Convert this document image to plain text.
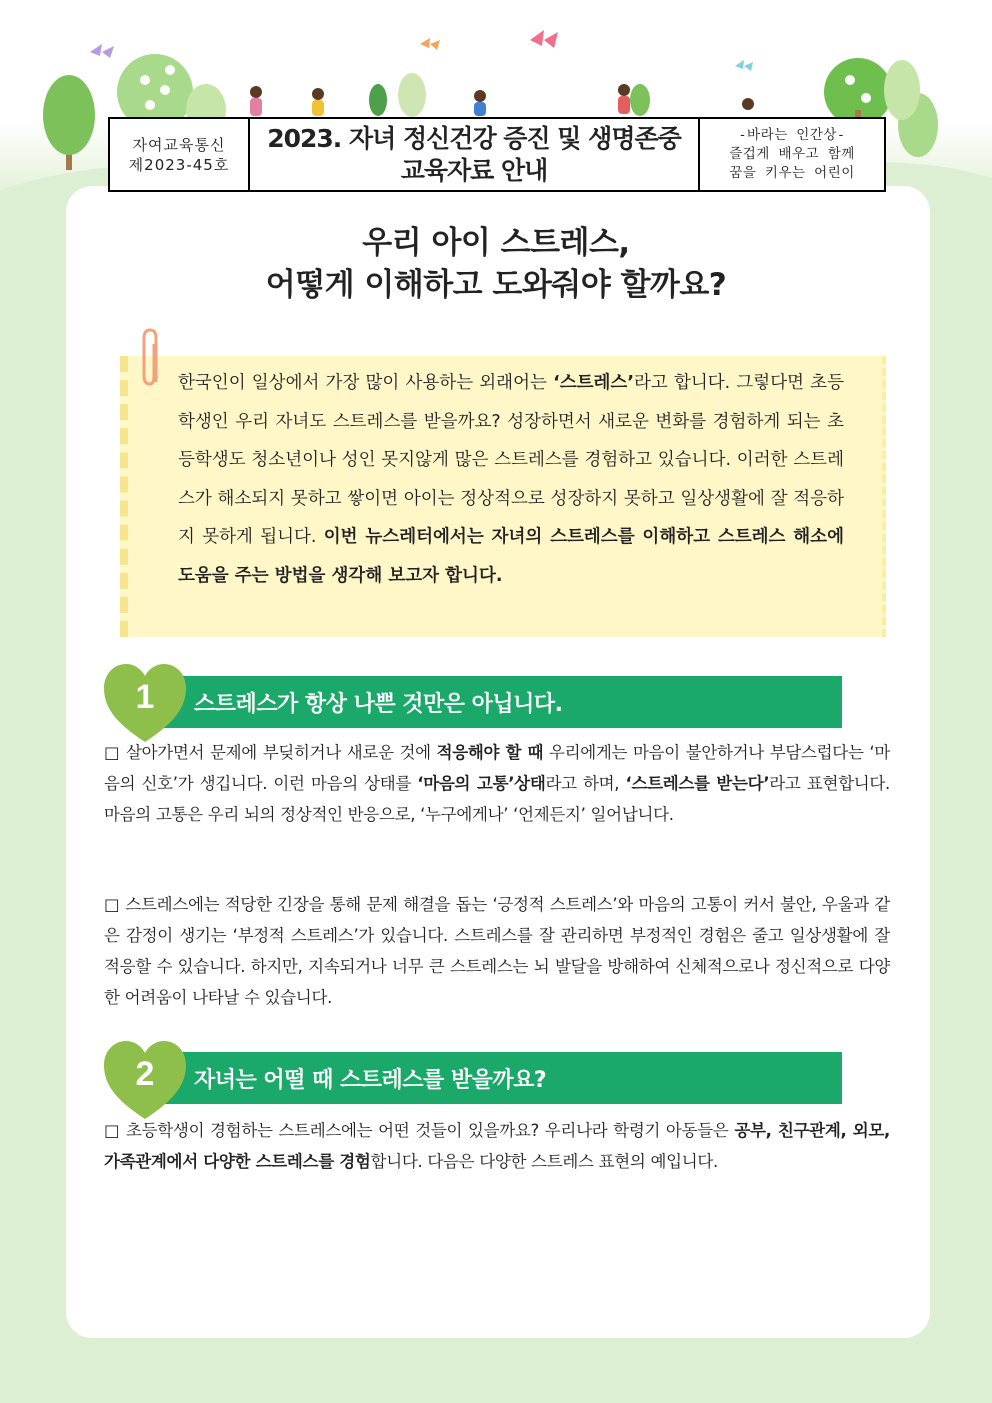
자여교육통신
제2023-45호
2023. 자녀 정신건강 증진 및 생명존중
교육자료 안내
-바라는 인간상-
즐겁게 배우고 함께
꿈을 키우는 어린이
우리 아이 스트레스,
어떻게 이해하고 도와줘야 할까요?

한국인이 일상에서 가장 많이 사용하는 외래어는 ‘스트레스’라고 합니다. 그렇다면 초등학생인 우리 자녀도 스트레스를 받을까요? 성장하면서 새로운 변화를 경험하게 되는 초등학생도 청소년이나 성인 못지않게 많은 스트레스를 경험하고 있습니다. 이러한 스트레스가 해소되지 못하고 쌓이면 아이는 정상적으로 성장하지 못하고 일상생활에 잘 적응하지 못하게 됩니다. 이번 뉴스레터에서는 자녀의 스트레스를 이해하고 스트레스 해소에 도움을 주는 방법을 생각해 보고자 합니다.

스트레스가 항상 나쁜 것만은 아닙니다.
1
□ 살아가면서 문제에 부딪히거나 새로운 것에 적응해야 할 때 우리에게는 마음이 불안하거나 부담스럽다는 ‘마음의 신호’가 생깁니다. 이런 마음의 상태를 ‘마음의 고통’상태라고 하며, ‘스트레스를 받는다’라고 표현합니다. 마음의 고통은 우리 뇌의 정상적인 반응으로, ‘누구에게나’ ‘언제든지’ 일어납니다.
□ 스트레스에는 적당한 긴장을 통해 문제 해결을 돕는 ‘긍정적 스트레스’와 마음의 고통이 커서 불안, 우울과 같은 감정이 생기는 ‘부정적 스트레스’가 있습니다. 스트레스를 잘 관리하면 부정적인 경험은 줄고 일상생활에 잘 적응할 수 있습니다. 하지만, 지속되거나 너무 큰 스트레스는 뇌 발달을 방해하여 신체적으로나 정신적으로 다양한 어려움이 나타날 수 있습니다.
자녀는 어떨 때 스트레스를 받을까요?
2
□ 초등학생이 경험하는 스트레스에는 어떤 것들이 있을까요? 우리나라 학령기 아동들은 공부, 친구관계, 외모, 가족관계에서 다양한 스트레스를 경험합니다. 다음은 다양한 스트레스 표현의 예입니다.
